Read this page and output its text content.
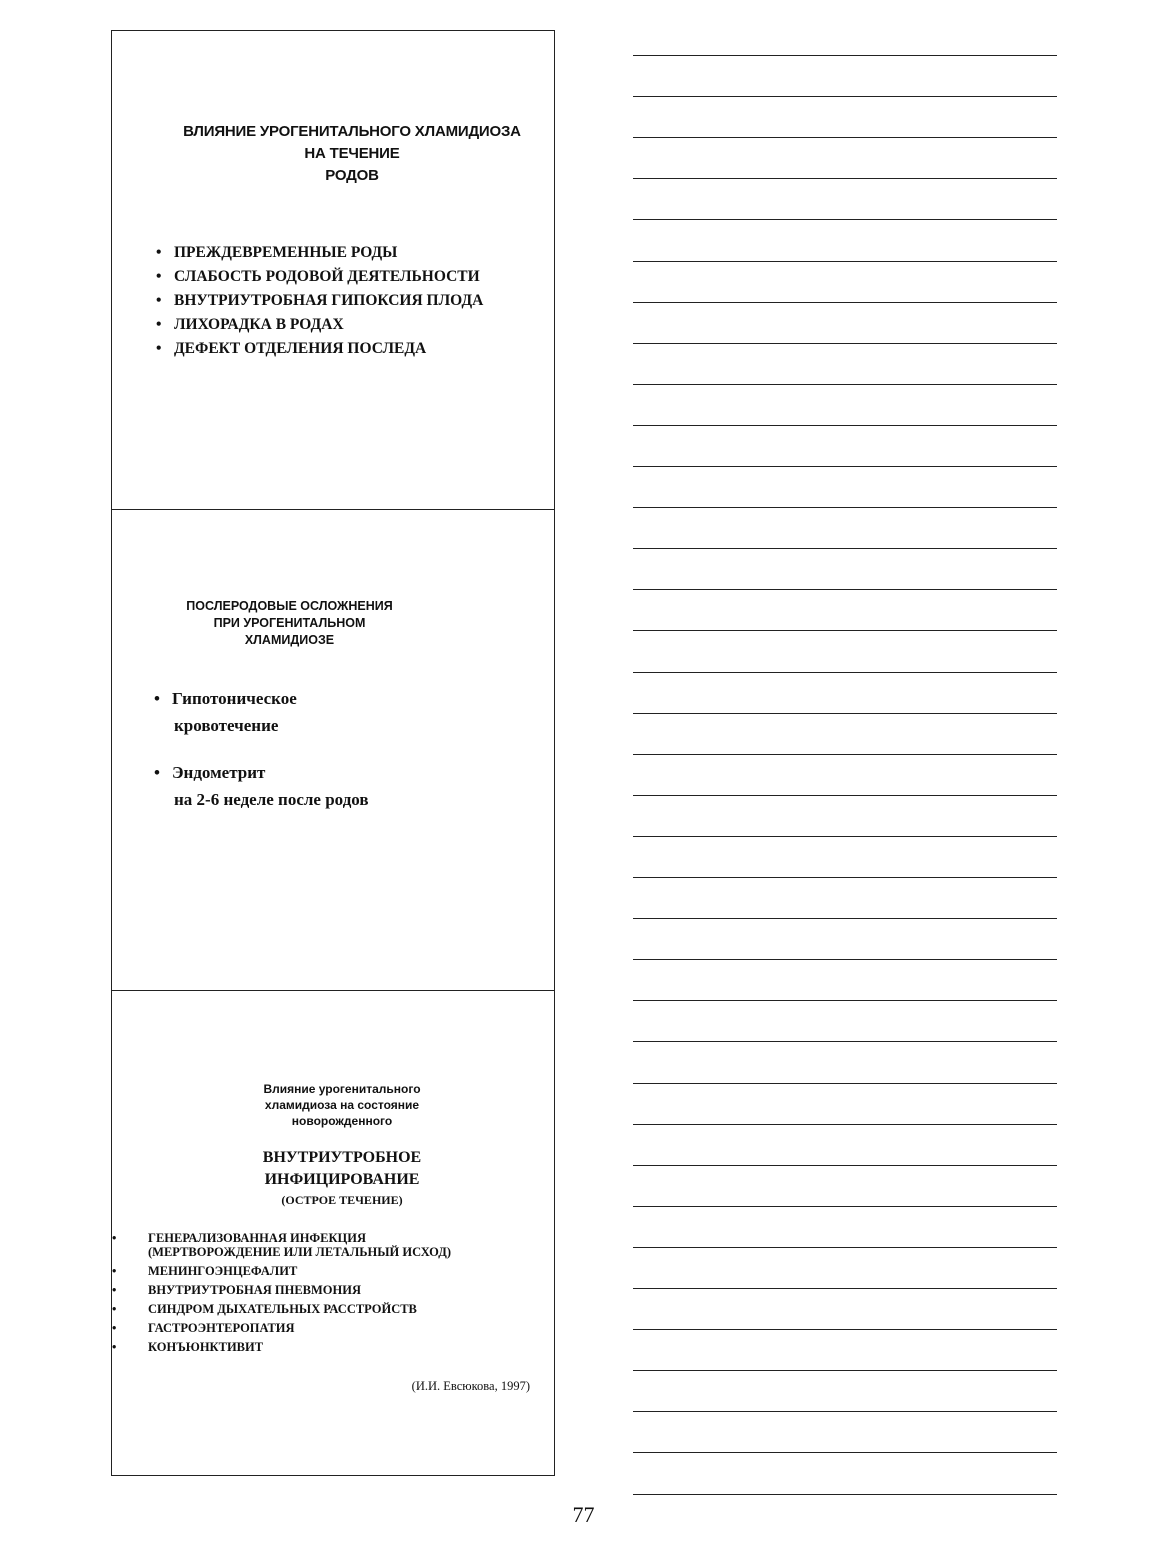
ВЛИЯНИЕ УРОГЕНИТАЛЬНОГО ХЛАМИДИОЗА
НА ТЕЧЕНИЕ
РОДОВ
• ПРЕЖДЕВРЕМЕННЫЕ РОДЫ
• СЛАБОСТЬ РОДОВОЙ ДЕЯТЕЛЬНОСТИ
• ВНУТРИУТРОБНАЯ ГИПОКСИЯ ПЛОДА
• ЛИХОРАДКА В РОДАХ
• ДЕФЕКТ ОТДЕЛЕНИЯ ПОСЛЕДА
ПОСЛЕРОДОВЫЕ ОСЛОЖНЕНИЯ
ПРИ УРОГЕНИТАЛЬНОМ
ХЛАМИДИОЗЕ
• Гипотоническое
кровотечение
• Эндометрит
на 2-6 неделе после родов
Влияние урогенитального
хламидиоза на состояние
новорожденного
ВНУТРИУТРОБНОЕ
ИНФИЦИРОВАНИЕ
(ОСТРОЕ ТЕЧЕНИЕ)
• ГЕНЕРАЛИЗОВАННАЯ ИНФЕКЦИЯ
(МЕРТВОРОЖДЕНИЕ ИЛИ ЛЕТАЛЬНЫЙ ИСХОД)
• МЕНИНГОЭНЦЕФАЛИТ
• ВНУТРИУТРОБНАЯ ПНЕВМОНИЯ
• СИНДРОМ ДЫХАТЕЛЬНЫХ РАССТРОЙСТВ
• ГАСТРОЭНТЕРОПАТИЯ
• КОНЪЮНКТИВИТ
(И.И. Евсюкова, 1997)
77
